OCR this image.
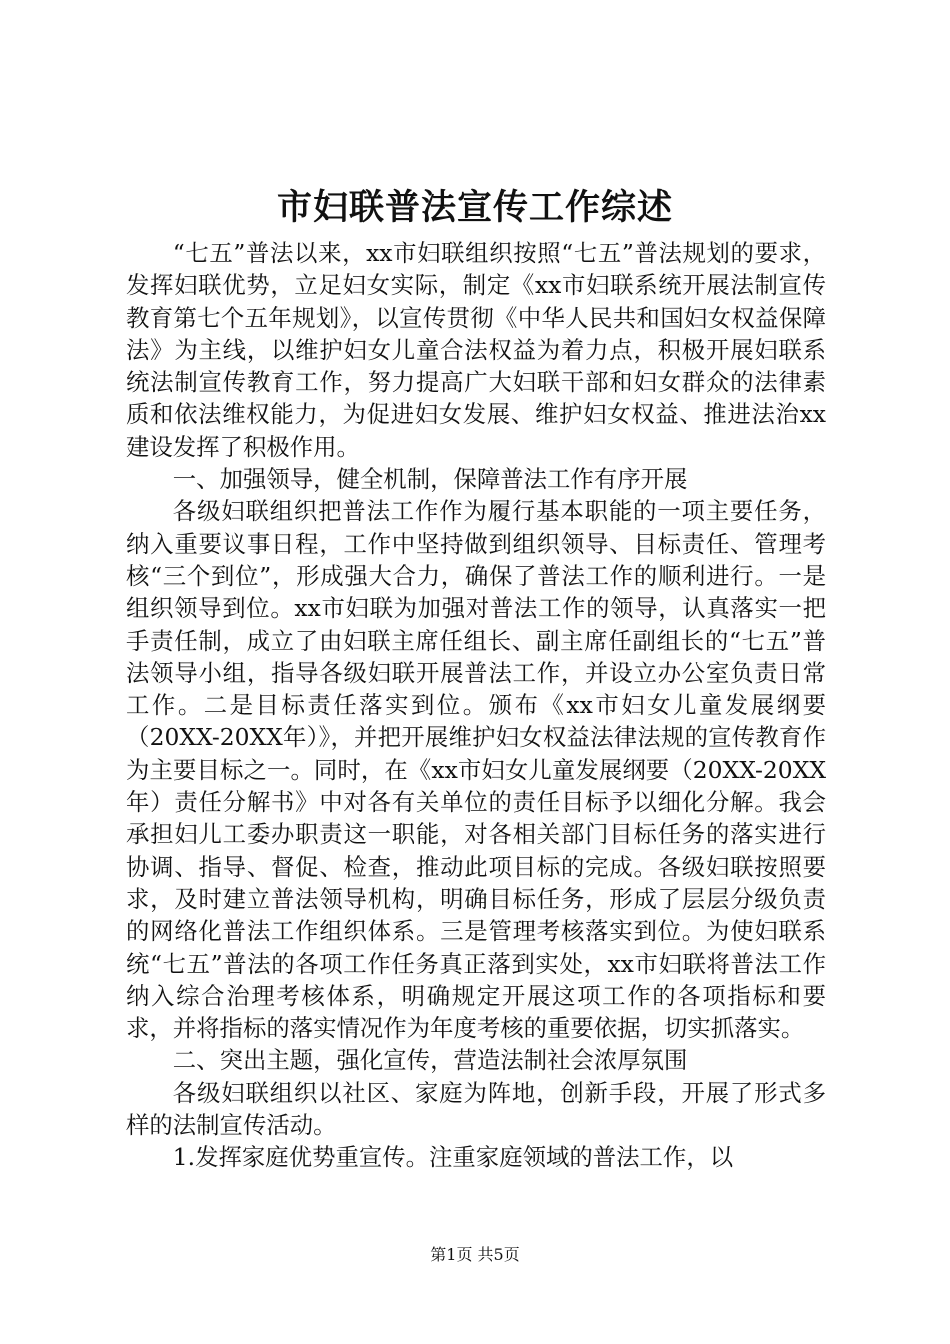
市妇联普法宣传工作综述

“七五”普法以来，xx市妇联组织按照“七五”普法规划的要求，发挥妇联优势，立足妇女实际，制定《xx市妇联系统开展法制宣传教育第七个五年规划》，以宣传贯彻《中华人民共和国妇女权益保障法》为主线，以维护妇女儿童合法权益为着力点，积极开展妇联系统法制宣传教育工作，努力提高广大妇联干部和妇女群众的法律素质和依法维权能力，为促进妇女发展、维护妇女权益、推进法治xx建设发挥了积极作用。

一、加强领导，健全机制，保障普法工作有序开展

各级妇联组织把普法工作作为履行基本职能的一项主要任务，纳入重要议事日程，工作中坚持做到组织领导、目标责任、管理考核“三个到位”，形成强大合力，确保了普法工作的顺利进行。一是组织领导到位。xx市妇联为加强对普法工作的领导，认真落实一把手责任制，成立了由妇联主席任组长、副主席任副组长的“七五”普法领导小组，指导各级妇联开展普法工作，并设立办公室负责日常工作。二是目标责任落实到位。颁布《xx市妇女儿童发展纲要（20XX-20XX年）》，并把开展维护妇女权益法律法规的宣传教育作为主要目标之一。同时，在《xx市妇女儿童发展纲要（20XX-20XX年）责任分解书》中对各有关单位的责任目标予以细化分解。我会承担妇儿工委办职责这一职能，对各相关部门目标任务的落实进行协调、指导、督促、检查，推动此项目标的完成。各级妇联按照要求，及时建立普法领导机构，明确目标任务，形成了层层分级负责的网络化普法工作组织体系。三是管理考核落实到位。为使妇联系统“七五”普法的各项工作任务真正落到实处，xx市妇联将普法工作纳入综合治理考核体系，明确规定开展这项工作的各项指标和要求，并将指标的落实情况作为年度考核的重要依据，切实抓落实。

二、突出主题，强化宣传，营造法制社会浓厚氛围

各级妇联组织以社区、家庭为阵地，创新手段，开展了形式多样的法制宣传活动。

1.发挥家庭优势重宣传。注重家庭领域的普法工作，以

第1页 共5页
